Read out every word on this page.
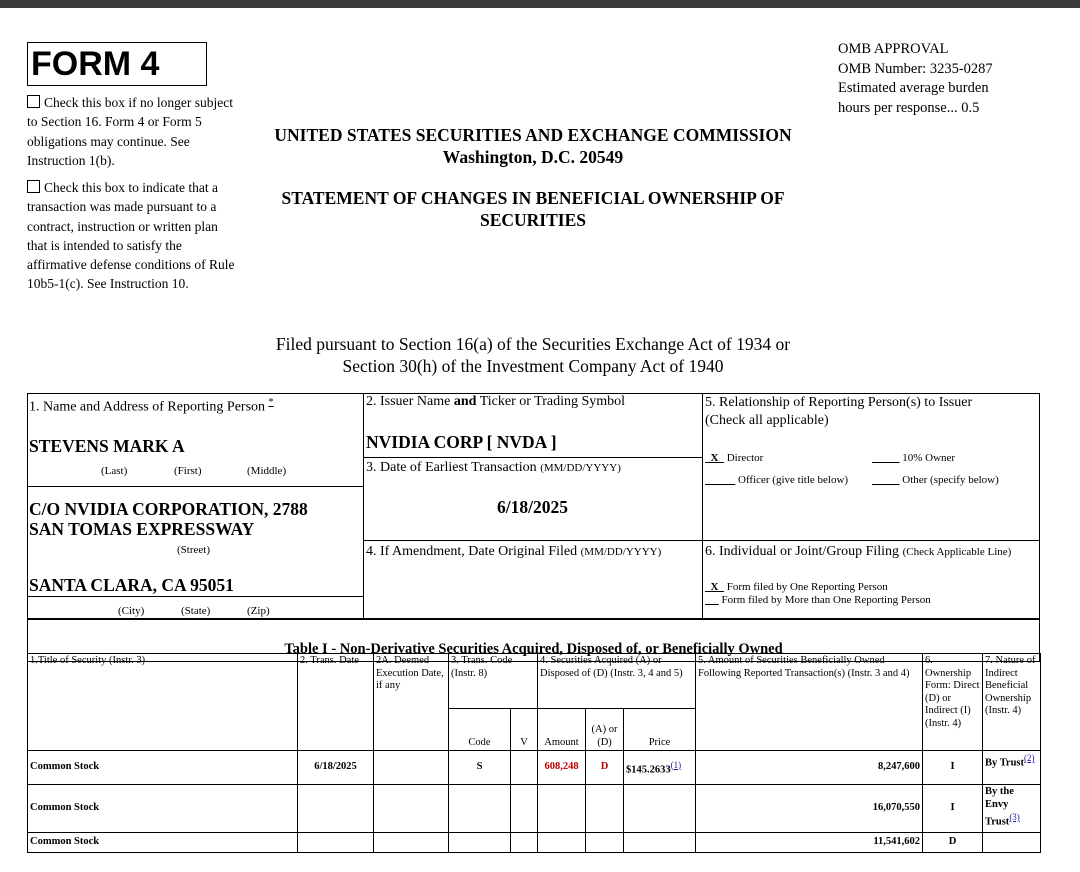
FORM 4
Check this box if no longer subject to Section 16. Form 4 or Form 5 obligations may continue. See Instruction 1(b).
Check this box to indicate that a transaction was made pursuant to a contract, instruction or written plan that is intended to satisfy the affirmative defense conditions of Rule 10b5-1(c). See Instruction 10.
OMB APPROVAL
OMB Number: 3235-0287
Estimated average burden
hours per response... 0.5
UNITED STATES SECURITIES AND EXCHANGE COMMISSION
Washington, D.C. 20549
STATEMENT OF CHANGES IN BENEFICIAL OWNERSHIP OF
SECURITIES
Filed pursuant to Section 16(a) of the Securities Exchange Act of 1934 or
Section 30(h) of the Investment Company Act of 1940
1. Name and Address of Reporting Person *
STEVENS MARK A
(Last)	(First)	(Middle)
C/O NVIDIA CORPORATION, 2788
SAN TOMAS EXPRESSWAY
(Street)
SANTA CLARA, CA 95051
(City)	(State)	(Zip)
2. Issuer Name and Ticker or Trading Symbol
NVIDIA CORP [ NVDA ]
3. Date of Earliest Transaction (MM/DD/YYYY)
6/18/2025
4. If Amendment, Date Original Filed (MM/DD/YYYY)
5. Relationship of Reporting Person(s) to Issuer
(Check all applicable)
X Director	10% Owner
Officer (give title below)	Other (specify below)
6. Individual or Joint/Group Filing (Check Applicable Line)
X Form filed by One Reporting Person
Form filed by More than One Reporting Person
Table I - Non-Derivative Securities Acquired, Disposed of, or Beneficially Owned
1.Title of Security (Instr. 3)	2. Trans. Date	2A. Deemed Execution Date, if any	3. Trans. Code (Instr. 8)		4. Securities Acquired (A) or Disposed of (D) (Instr. 3, 4 and 5)			5. Amount of Securities Beneficially Owned Following Reported Transaction(s) (Instr. 3 and 4)	6. Ownership Form: Direct (D) or Indirect (I) (Instr. 4)	7. Nature of Indirect Beneficial Ownership (Instr. 4)
			Code	V	Amount	(A) or (D)	Price			
Common Stock	6/18/2025		S		608,248	D	$145.2633(1)	8,247,600	I	By Trust(2)
Common Stock								16,070,550	I	By the Envy Trust(3)
Common Stock								11,541,602	D	
